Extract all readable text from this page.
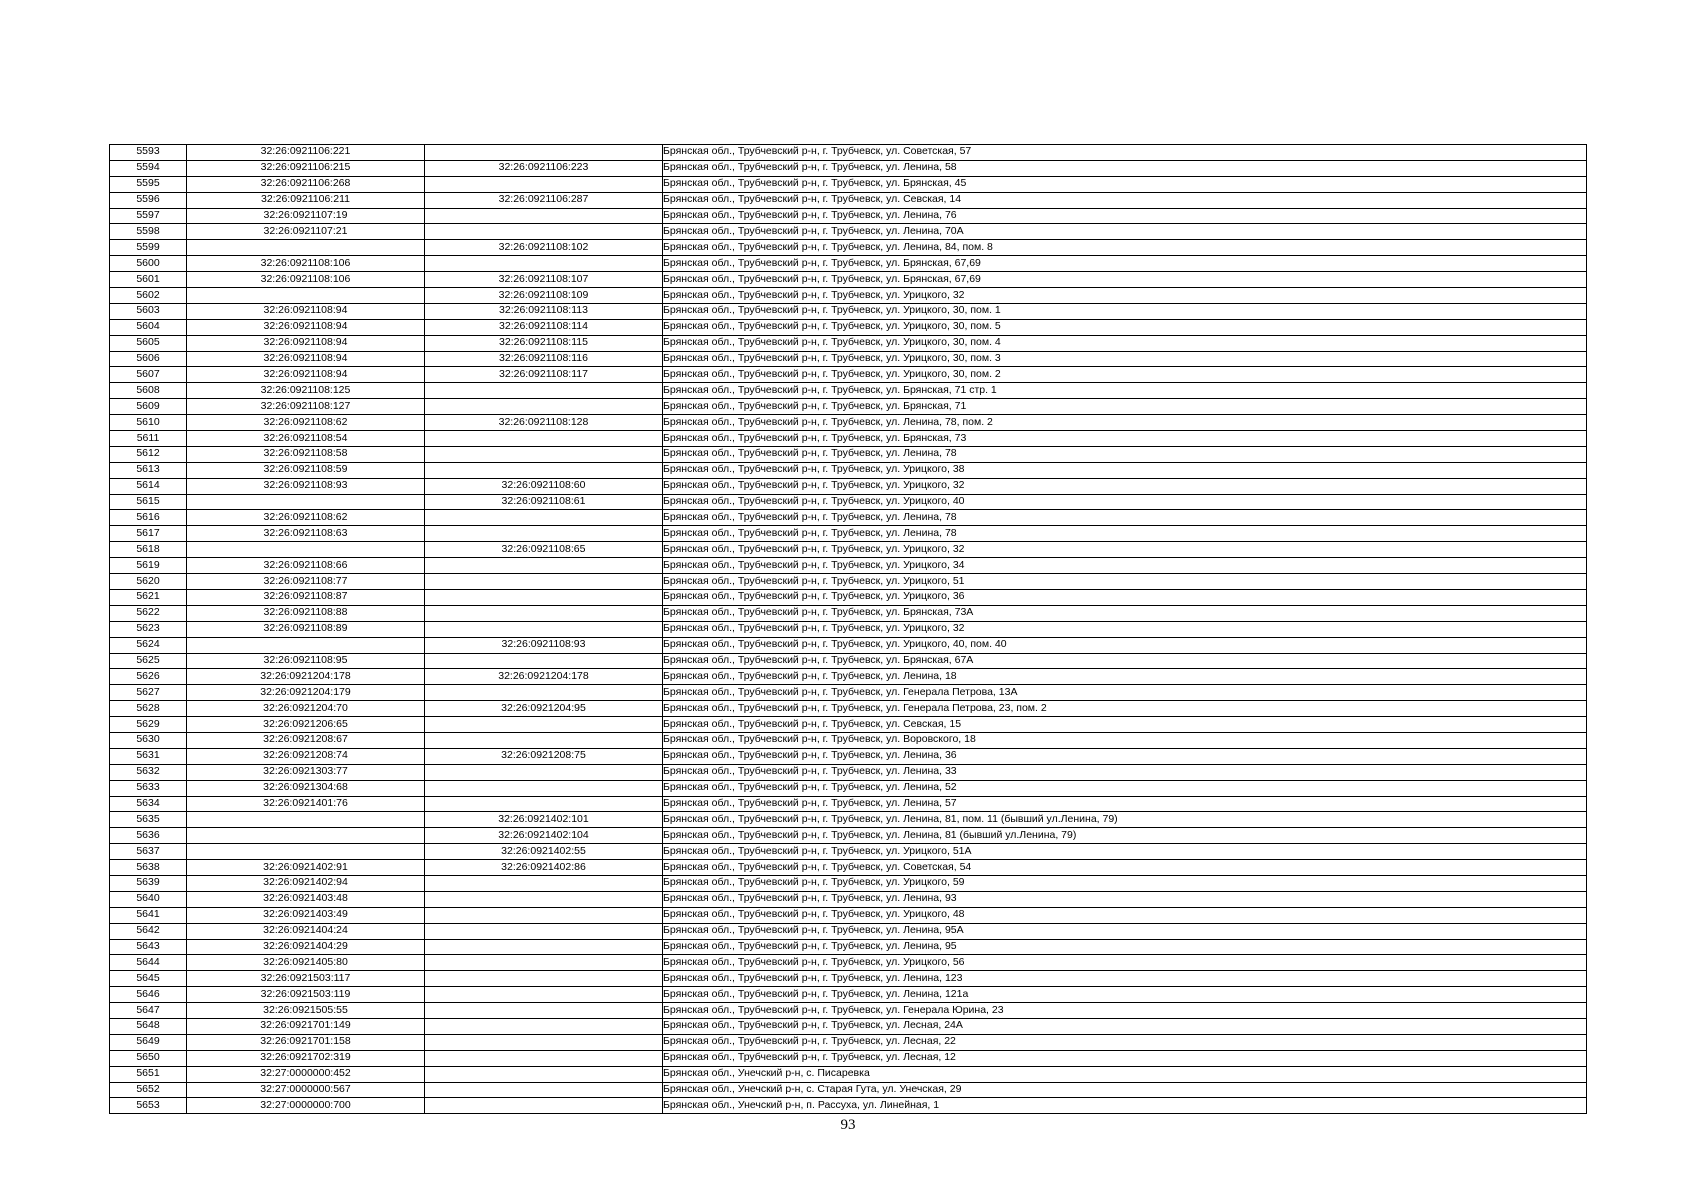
5593	32:26:0921106:221		Брянская обл., Трубчевский р-н, г. Трубчевск, ул. Советская, 57
5594	32:26:0921106:215	32:26:0921106:223	Брянская обл., Трубчевский р-н, г. Трубчевск, ул. Ленина, 58
5595	32:26:0921106:268		Брянская обл., Трубчевский р-н, г. Трубчевск, ул. Брянская, 45
5596	32:26:0921106:211	32:26:0921106:287	Брянская обл., Трубчевский р-н, г. Трубчевск, ул. Севская, 14
5597	32:26:0921107:19		Брянская обл., Трубчевский р-н, г. Трубчевск, ул. Ленина, 76
5598	32:26:0921107:21		Брянская обл., Трубчевский р-н, г. Трубчевск, ул. Ленина, 70А
5599		32:26:0921108:102	Брянская обл., Трубчевский р-н, г. Трубчевск, ул. Ленина, 84, пом. 8
5600	32:26:0921108:106		Брянская обл., Трубчевский р-н, г. Трубчевск, ул. Брянская, 67,69
5601	32:26:0921108:106	32:26:0921108:107	Брянская обл., Трубчевский р-н, г. Трубчевск, ул. Брянская, 67,69
5602		32:26:0921108:109	Брянская обл., Трубчевский р-н, г. Трубчевск, ул. Урицкого, 32
5603	32:26:0921108:94	32:26:0921108:113	Брянская обл., Трубчевский р-н, г. Трубчевск, ул. Урицкого, 30, пом. 1
5604	32:26:0921108:94	32:26:0921108:114	Брянская обл., Трубчевский р-н, г. Трубчевск, ул. Урицкого, 30, пом. 5
5605	32:26:0921108:94	32:26:0921108:115	Брянская обл., Трубчевский р-н, г. Трубчевск, ул. Урицкого, 30, пом. 4
5606	32:26:0921108:94	32:26:0921108:116	Брянская обл., Трубчевский р-н, г. Трубчевск, ул. Урицкого, 30, пом. 3
5607	32:26:0921108:94	32:26:0921108:117	Брянская обл., Трубчевский р-н, г. Трубчевск, ул. Урицкого, 30, пом. 2
5608	32:26:0921108:125		Брянская обл., Трубчевский р-н, г. Трубчевск, ул. Брянская, 71 стр. 1
5609	32:26:0921108:127		Брянская обл., Трубчевский р-н, г. Трубчевск, ул. Брянская, 71
5610	32:26:0921108:62	32:26:0921108:128	Брянская обл., Трубчевский р-н, г. Трубчевск, ул. Ленина, 78, пом. 2
5611	32:26:0921108:54		Брянская обл., Трубчевский р-н, г. Трубчевск, ул. Брянская, 73
5612	32:26:0921108:58		Брянская обл., Трубчевский р-н, г. Трубчевск, ул. Ленина, 78
5613	32:26:0921108:59		Брянская обл., Трубчевский р-н, г. Трубчевск, ул. Урицкого, 38
5614	32:26:0921108:93	32:26:0921108:60	Брянская обл., Трубчевский р-н, г. Трубчевск, ул. Урицкого, 32
5615		32:26:0921108:61	Брянская обл., Трубчевский р-н, г. Трубчевск, ул. Урицкого, 40
5616	32:26:0921108:62		Брянская обл., Трубчевский р-н, г. Трубчевск, ул. Ленина, 78
5617	32:26:0921108:63		Брянская обл., Трубчевский р-н, г. Трубчевск, ул. Ленина, 78
5618		32:26:0921108:65	Брянская обл., Трубчевский р-н, г. Трубчевск, ул. Урицкого, 32
5619	32:26:0921108:66		Брянская обл., Трубчевский р-н, г. Трубчевск, ул. Урицкого, 34
5620	32:26:0921108:77		Брянская обл., Трубчевский р-н, г. Трубчевск, ул. Урицкого, 51
5621	32:26:0921108:87		Брянская обл., Трубчевский р-н, г. Трубчевск, ул. Урицкого, 36
5622	32:26:0921108:88		Брянская обл., Трубчевский р-н, г. Трубчевск, ул. Брянская, 73А
5623	32:26:0921108:89		Брянская обл., Трубчевский р-н, г. Трубчевск, ул. Урицкого, 32
5624		32:26:0921108:93	Брянская обл., Трубчевский р-н, г. Трубчевск, ул. Урицкого, 40, пом. 40
5625	32:26:0921108:95		Брянская обл., Трубчевский р-н, г. Трубчевск, ул. Брянская, 67А
5626	32:26:0921204:178	32:26:0921204:178	Брянская обл., Трубчевский р-н, г. Трубчевск, ул. Ленина, 18
5627	32:26:0921204:179		Брянская обл., Трубчевский р-н, г. Трубчевск, ул. Генерала Петрова, 13А
5628	32:26:0921204:70	32:26:0921204:95	Брянская обл., Трубчевский р-н, г. Трубчевск, ул. Генерала Петрова, 23, пом. 2
5629	32:26:0921206:65		Брянская обл., Трубчевский р-н, г. Трубчевск, ул. Севская, 15
5630	32:26:0921208:67		Брянская обл., Трубчевский р-н, г. Трубчевск, ул. Воровского, 18
5631	32:26:0921208:74	32:26:0921208:75	Брянская обл., Трубчевский р-н, г. Трубчевск, ул. Ленина, 36
5632	32:26:0921303:77		Брянская обл., Трубчевский р-н, г. Трубчевск, ул. Ленина, 33
5633	32:26:0921304:68		Брянская обл., Трубчевский р-н, г. Трубчевск, ул. Ленина, 52
5634	32:26:0921401:76		Брянская обл., Трубчевский р-н, г. Трубчевск, ул. Ленина, 57
5635		32:26:0921402:101	Брянская обл., Трубчевский р-н, г. Трубчевск, ул. Ленина, 81, пом. 11 (бывший ул.Ленина, 79)
5636		32:26:0921402:104	Брянская обл., Трубчевский р-н, г. Трубчевск, ул. Ленина, 81 (бывший ул.Ленина, 79)
5637		32:26:0921402:55	Брянская обл., Трубчевский р-н, г. Трубчевск, ул. Урицкого, 51А
5638	32:26:0921402:91	32:26:0921402:86	Брянская обл., Трубчевский р-н, г. Трубчевск, ул. Советская, 54
5639	32:26:0921402:94		Брянская обл., Трубчевский р-н, г. Трубчевск, ул. Урицкого, 59
5640	32:26:0921403:48		Брянская обл., Трубчевский р-н, г. Трубчевск, ул. Ленина, 93
5641	32:26:0921403:49		Брянская обл., Трубчевский р-н, г. Трубчевск, ул. Урицкого, 48
5642	32:26:0921404:24		Брянская обл., Трубчевский р-н, г. Трубчевск, ул. Ленина, 95А
5643	32:26:0921404:29		Брянская обл., Трубчевский р-н, г. Трубчевск, ул. Ленина, 95
5644	32:26:0921405:80		Брянская обл., Трубчевский р-н, г. Трубчевск, ул. Урицкого, 56
5645	32:26:0921503:117		Брянская обл., Трубчевский р-н, г. Трубчевск, ул. Ленина, 123
5646	32:26:0921503:119		Брянская обл., Трубчевский р-н, г. Трубчевск, ул. Ленина, 121а
5647	32:26:0921505:55		Брянская обл., Трубчевский р-н, г. Трубчевск, ул. Генерала Юрина, 23
5648	32:26:0921701:149		Брянская обл., Трубчевский р-н, г. Трубчевск, ул. Лесная, 24А
5649	32:26:0921701:158		Брянская обл., Трубчевский р-н, г. Трубчевск, ул. Лесная, 22
5650	32:26:0921702:319		Брянская обл., Трубчевский р-н, г. Трубчевск, ул. Лесная, 12
5651	32:27:0000000:452		Брянская обл., Унечский р-н, с. Писаревка
5652	32:27:0000000:567		Брянская обл., Унечский р-н, с. Старая Гута, ул. Унечская, 29
5653	32:27:0000000:700		Брянская обл., Унечский р-н, п. Рассуха, ул. Линейная, 1
93
